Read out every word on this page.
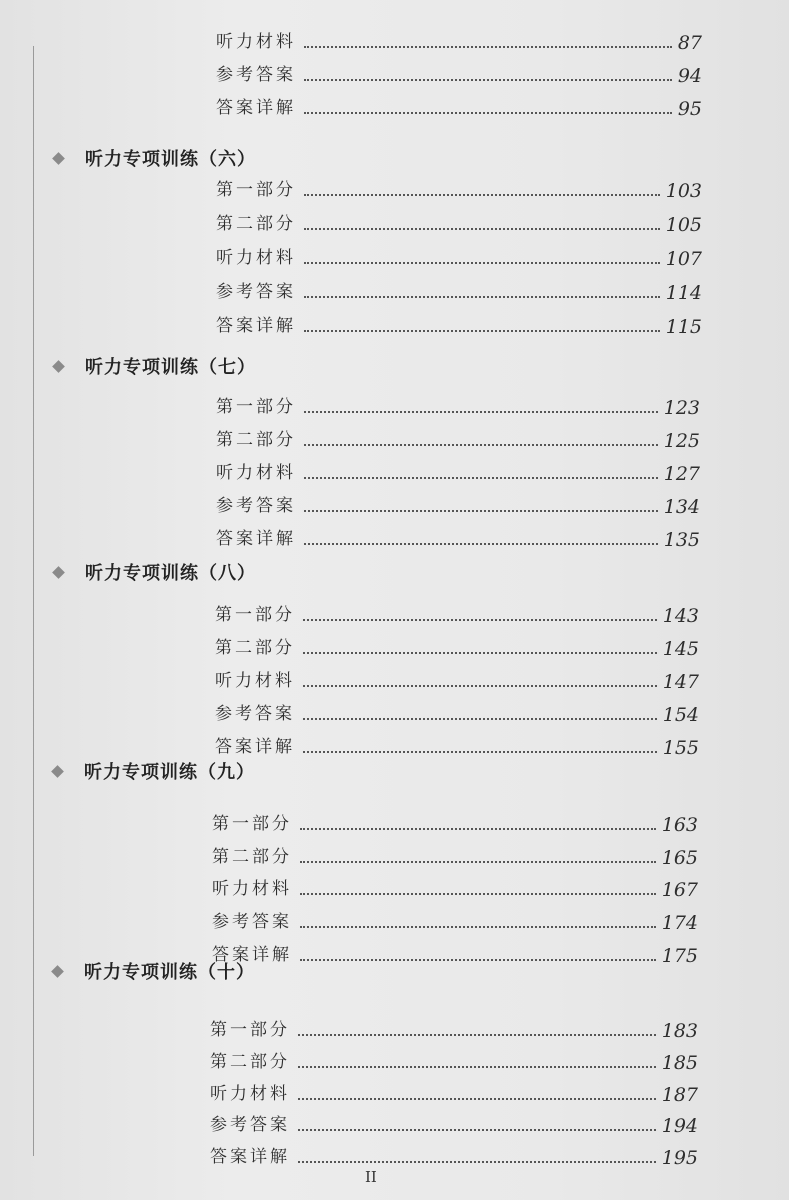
听力材料	87
参考答案	94
答案详解	95
听力专项训练（六）
第一部分	103
第二部分	105
听力材料	107
参考答案	114
答案详解	115
听力专项训练（七）
第一部分	123
第二部分	125
听力材料	127
参考答案	134
答案详解	135
听力专项训练（八）
第一部分	143
第二部分	145
听力材料	147
参考答案	154
答案详解	155
听力专项训练（九）
第一部分	163
第二部分	165
听力材料	167
参考答案	174
答案详解	175
听力专项训练（十）
第一部分	183
第二部分	185
听力材料	187
参考答案	194
答案详解	195
II
